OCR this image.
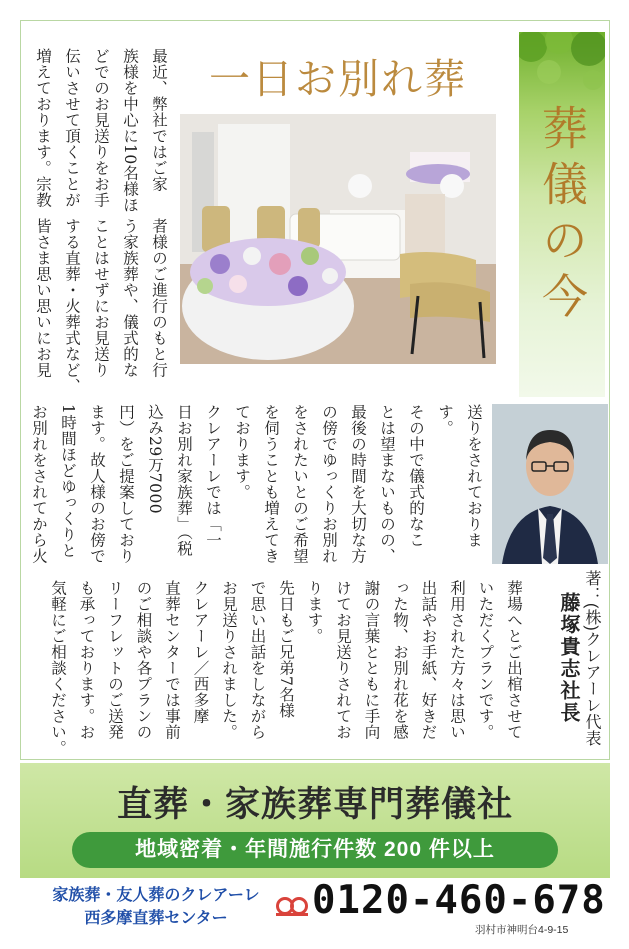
一日お別れ葬
最近、弊社ではご家
族様を中心に10名様ほ
どでのお見送りをお手
伝いさせて頂くことが
増えております。宗教
者様のご進行のもと行
う家族葬や、儀式的な
ことはせずにお見送り
する直葬・火葬式など、
皆さま思い思いにお見
送りをされておりま
す。
その中で儀式的なこ
とは望まないものの、
最後の時間を大切な方
の傍でゆっくりお別れ
をされたいとのご希望
を伺うことも増えてき
ております。
クレアーレでは「一
日お別れ家族葬」（税
込み29万7000
円）をご提案しており
ます。故人様のお傍で
1時間ほどゆっくりと
お別れをされてから火
葬場へとご出棺させて
いただくプランです。
利用された方々は思い
出話やお手紙、好きだ
った物、お別れ花を感
謝の言葉とともに手向
けてお見送りされてお
ります。
先日もご兄弟7名様
で思い出話をしながら
お見送りされました。
クレアーレ／西多摩
直葬センターでは事前
のご相談や各プランの
リーフレットのご送発
も承っております。お
気軽にご相談ください。
葬儀の今
著：(株)クレアーレ代表
藤塚貴志社長
直葬・家族葬専門葬儀社
地域密着・年間施行件数 200 件以上
家族葬・友人葬のクレアーレ
西多摩直葬センター	0120-460-678
羽村市神明台4-9-15
